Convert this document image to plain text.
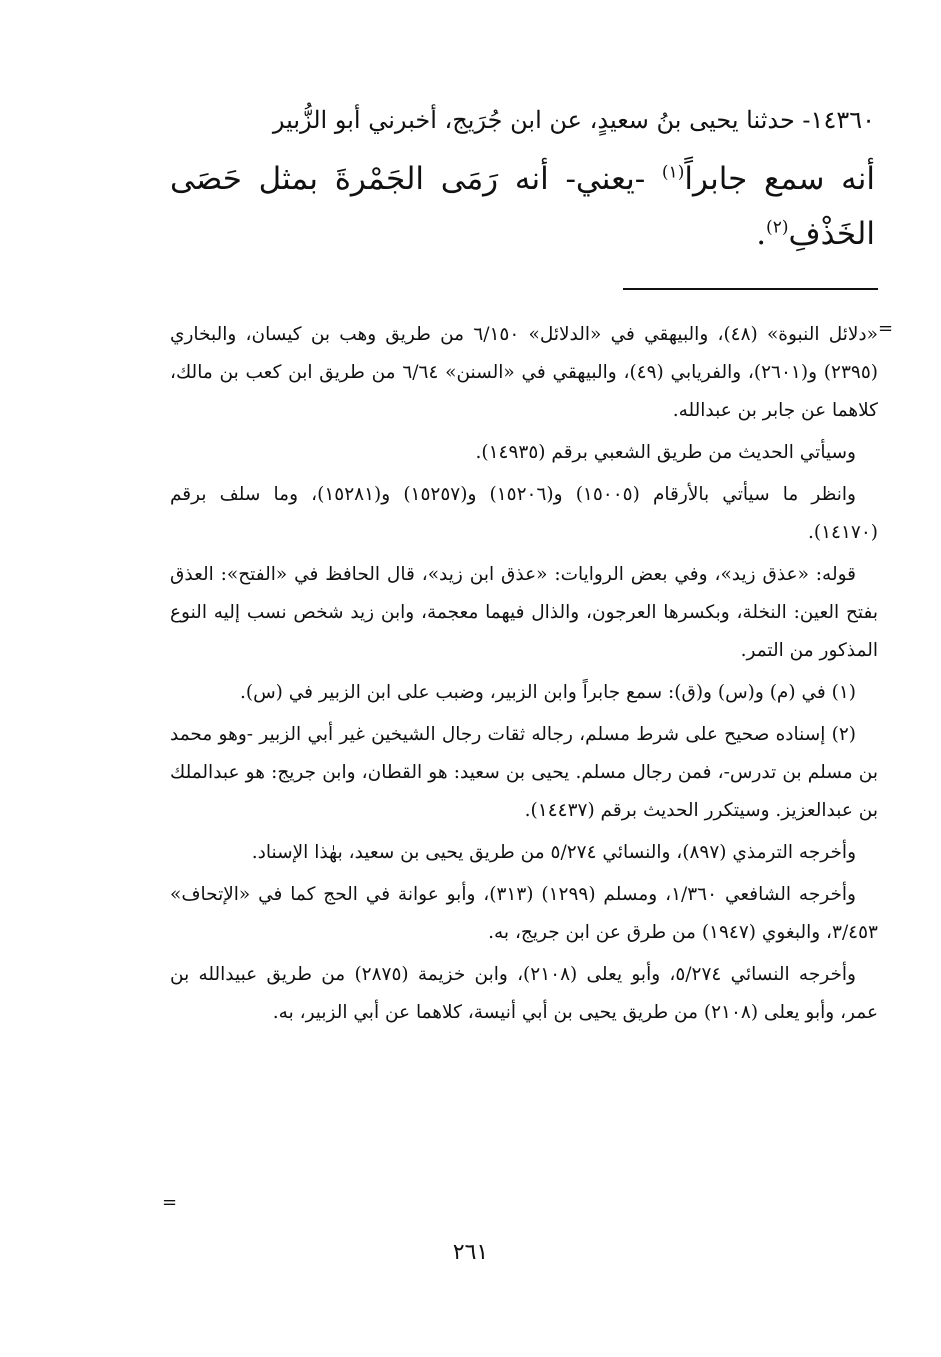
١٤٣٦٠- حدثنا يحيى بنُ سعيدٍ، عن ابن جُرَيج، أخبرني أبو الزُّبير
أنه سمع جابراً$^{(١)}$ -يعني- أنه رَمَى الجَمْرةَ بمثل حَصَى الخَذْفِ$^{(٢)}$.
=

«دلائل النبوة» (٤٨)، والبيهقي في «الدلائل» ٦/١٥٠ من طريق وهب بن كيسان، والبخاري (٢٣٩٥) و(٢٦٠١)، والفريابي (٤٩)، والبيهقي في «السنن» ٦/٦٤ من طريق ابن كعب بن مالك، كلاهما عن جابر بن عبدالله.

وسيأتي الحديث من طريق الشعبي برقم (١٤٩٣٥).

وانظر ما سيأتي بالأرقام (١٥٠٠٥) و(١٥٢٠٦) و(١٥٢٥٧) و(١٥٢٨١)، وما سلف برقم (١٤١٧٠).

قوله: «عذق زيد»، وفي بعض الروايات: «عذق ابن زيد»، قال الحافظ في «الفتح»: العذق بفتح العين: النخلة، وبكسرها العرجون، والذال فيهما معجمة، وابن زيد شخص نسب إليه النوع المذكور من التمر.

(١) في (م) و(س) و(ق): سمع جابراً وابن الزبير، وضبب على ابن الزبير في (س).

(٢) إسناده صحيح على شرط مسلم، رجاله ثقات رجال الشيخين غير أبي الزبير -وهو محمد بن مسلم بن تدرس-، فمن رجال مسلم. يحيى بن سعيد: هو القطان، وابن جريج: هو عبدالملك بن عبدالعزيز. وسيتكرر الحديث برقم (١٤٤٣٧).

وأخرجه الترمذي (٨٩٧)، والنسائي ٥/٢٧٤ من طريق يحيى بن سعيد، بهٰذا الإسناد.

وأخرجه الشافعي ١/٣٦٠، ومسلم (١٢٩٩) (٣١٣)، وأبو عوانة في الحج كما في «الإتحاف» ٣/٤٥٣، والبغوي (١٩٤٧) من طرق عن ابن جريج، به.

وأخرجه النسائي ٥/٢٧٤، وأبو يعلى (٢١٠٨)، وابن خزيمة (٢٨٧٥) من طريق عبيدالله بن عمر، وأبو يعلى (٢١٠٨) من طريق يحيى بن أبي أنيسة، كلاهما عن أبي الزبير، به.

=
٢٦١
